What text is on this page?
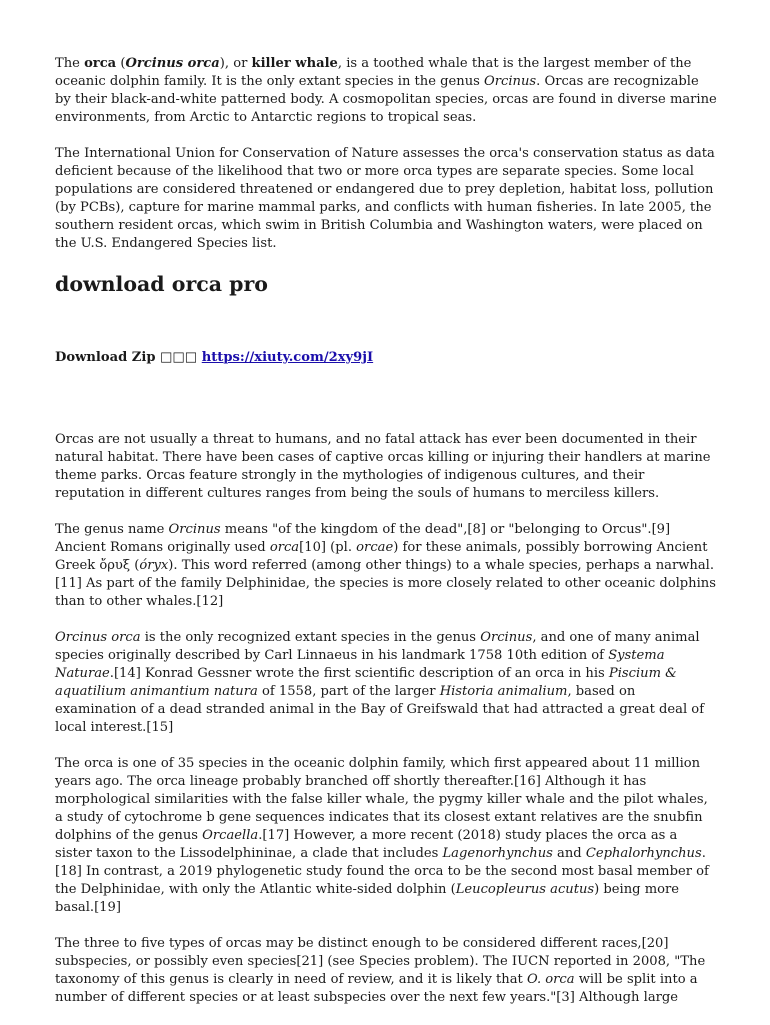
The orca (Orcinus orca), or killer whale, is a toothed whale that is the largest member of the oceanic dolphin family. It is the only extant species in the genus Orcinus. Orcas are recognizable by their black-and-white patterned body. A cosmopolitan species, orcas are found in diverse marine environments, from Arctic to Antarctic regions to tropical seas.

The International Union for Conservation of Nature assesses the orca's conservation status as data deficient because of the likelihood that two or more orca types are separate species. Some local populations are considered threatened or endangered due to prey depletion, habitat loss, pollution (by PCBs), capture for marine mammal parks, and conflicts with human fisheries. In late 2005, the southern resident orcas, which swim in British Columbia and Washington waters, were placed on the U.S. Endangered Species list.

download orca pro
Download Zip □□□ https://xiuty.com/2xy9jI

Orcas are not usually a threat to humans, and no fatal attack has ever been documented in their natural habitat. There have been cases of captive orcas killing or injuring their handlers at marine theme parks. Orcas feature strongly in the mythologies of indigenous cultures, and their reputation in different cultures ranges from being the souls of humans to merciless killers.

The genus name Orcinus means "of the kingdom of the dead",[8] or "belonging to Orcus".[9] Ancient Romans originally used orca[10] (pl. orcae) for these animals, possibly borrowing Ancient Greek ὄρυξ (óryx). This word referred (among other things) to a whale species, perhaps a narwhal.[11] As part of the family Delphinidae, the species is more closely related to other oceanic dolphins than to other whales.[12]

Orcinus orca is the only recognized extant species in the genus Orcinus, and one of many animal species originally described by Carl Linnaeus in his landmark 1758 10th edition of Systema Naturae.[14] Konrad Gessner wrote the first scientific description of an orca in his Piscium & aquatilium animantium natura of 1558, part of the larger Historia animalium, based on examination of a dead stranded animal in the Bay of Greifswald that had attracted a great deal of local interest.[15]

The orca is one of 35 species in the oceanic dolphin family, which first appeared about 11 million years ago. The orca lineage probably branched off shortly thereafter.[16] Although it has morphological similarities with the false killer whale, the pygmy killer whale and the pilot whales, a study of cytochrome b gene sequences indicates that its closest extant relatives are the snubfin dolphins of the genus Orcaella.[17] However, a more recent (2018) study places the orca as a sister taxon to the Lissodelphininae, a clade that includes Lagenorhynchus and Cephalorhynchus.[18] In contrast, a 2019 phylogenetic study found the orca to be the second most basal member of the Delphinidae, with only the Atlantic white-sided dolphin (Leucopleurus acutus) being more basal.[19]

The three to five types of orcas may be distinct enough to be considered different races,[20] subspecies, or possibly even species[21] (see Species problem). The IUCN reported in 2008, "The taxonomy of this genus is clearly in need of review, and it is likely that O. orca will be split into a number of different species or at least subspecies over the next few years."[3] Although large
